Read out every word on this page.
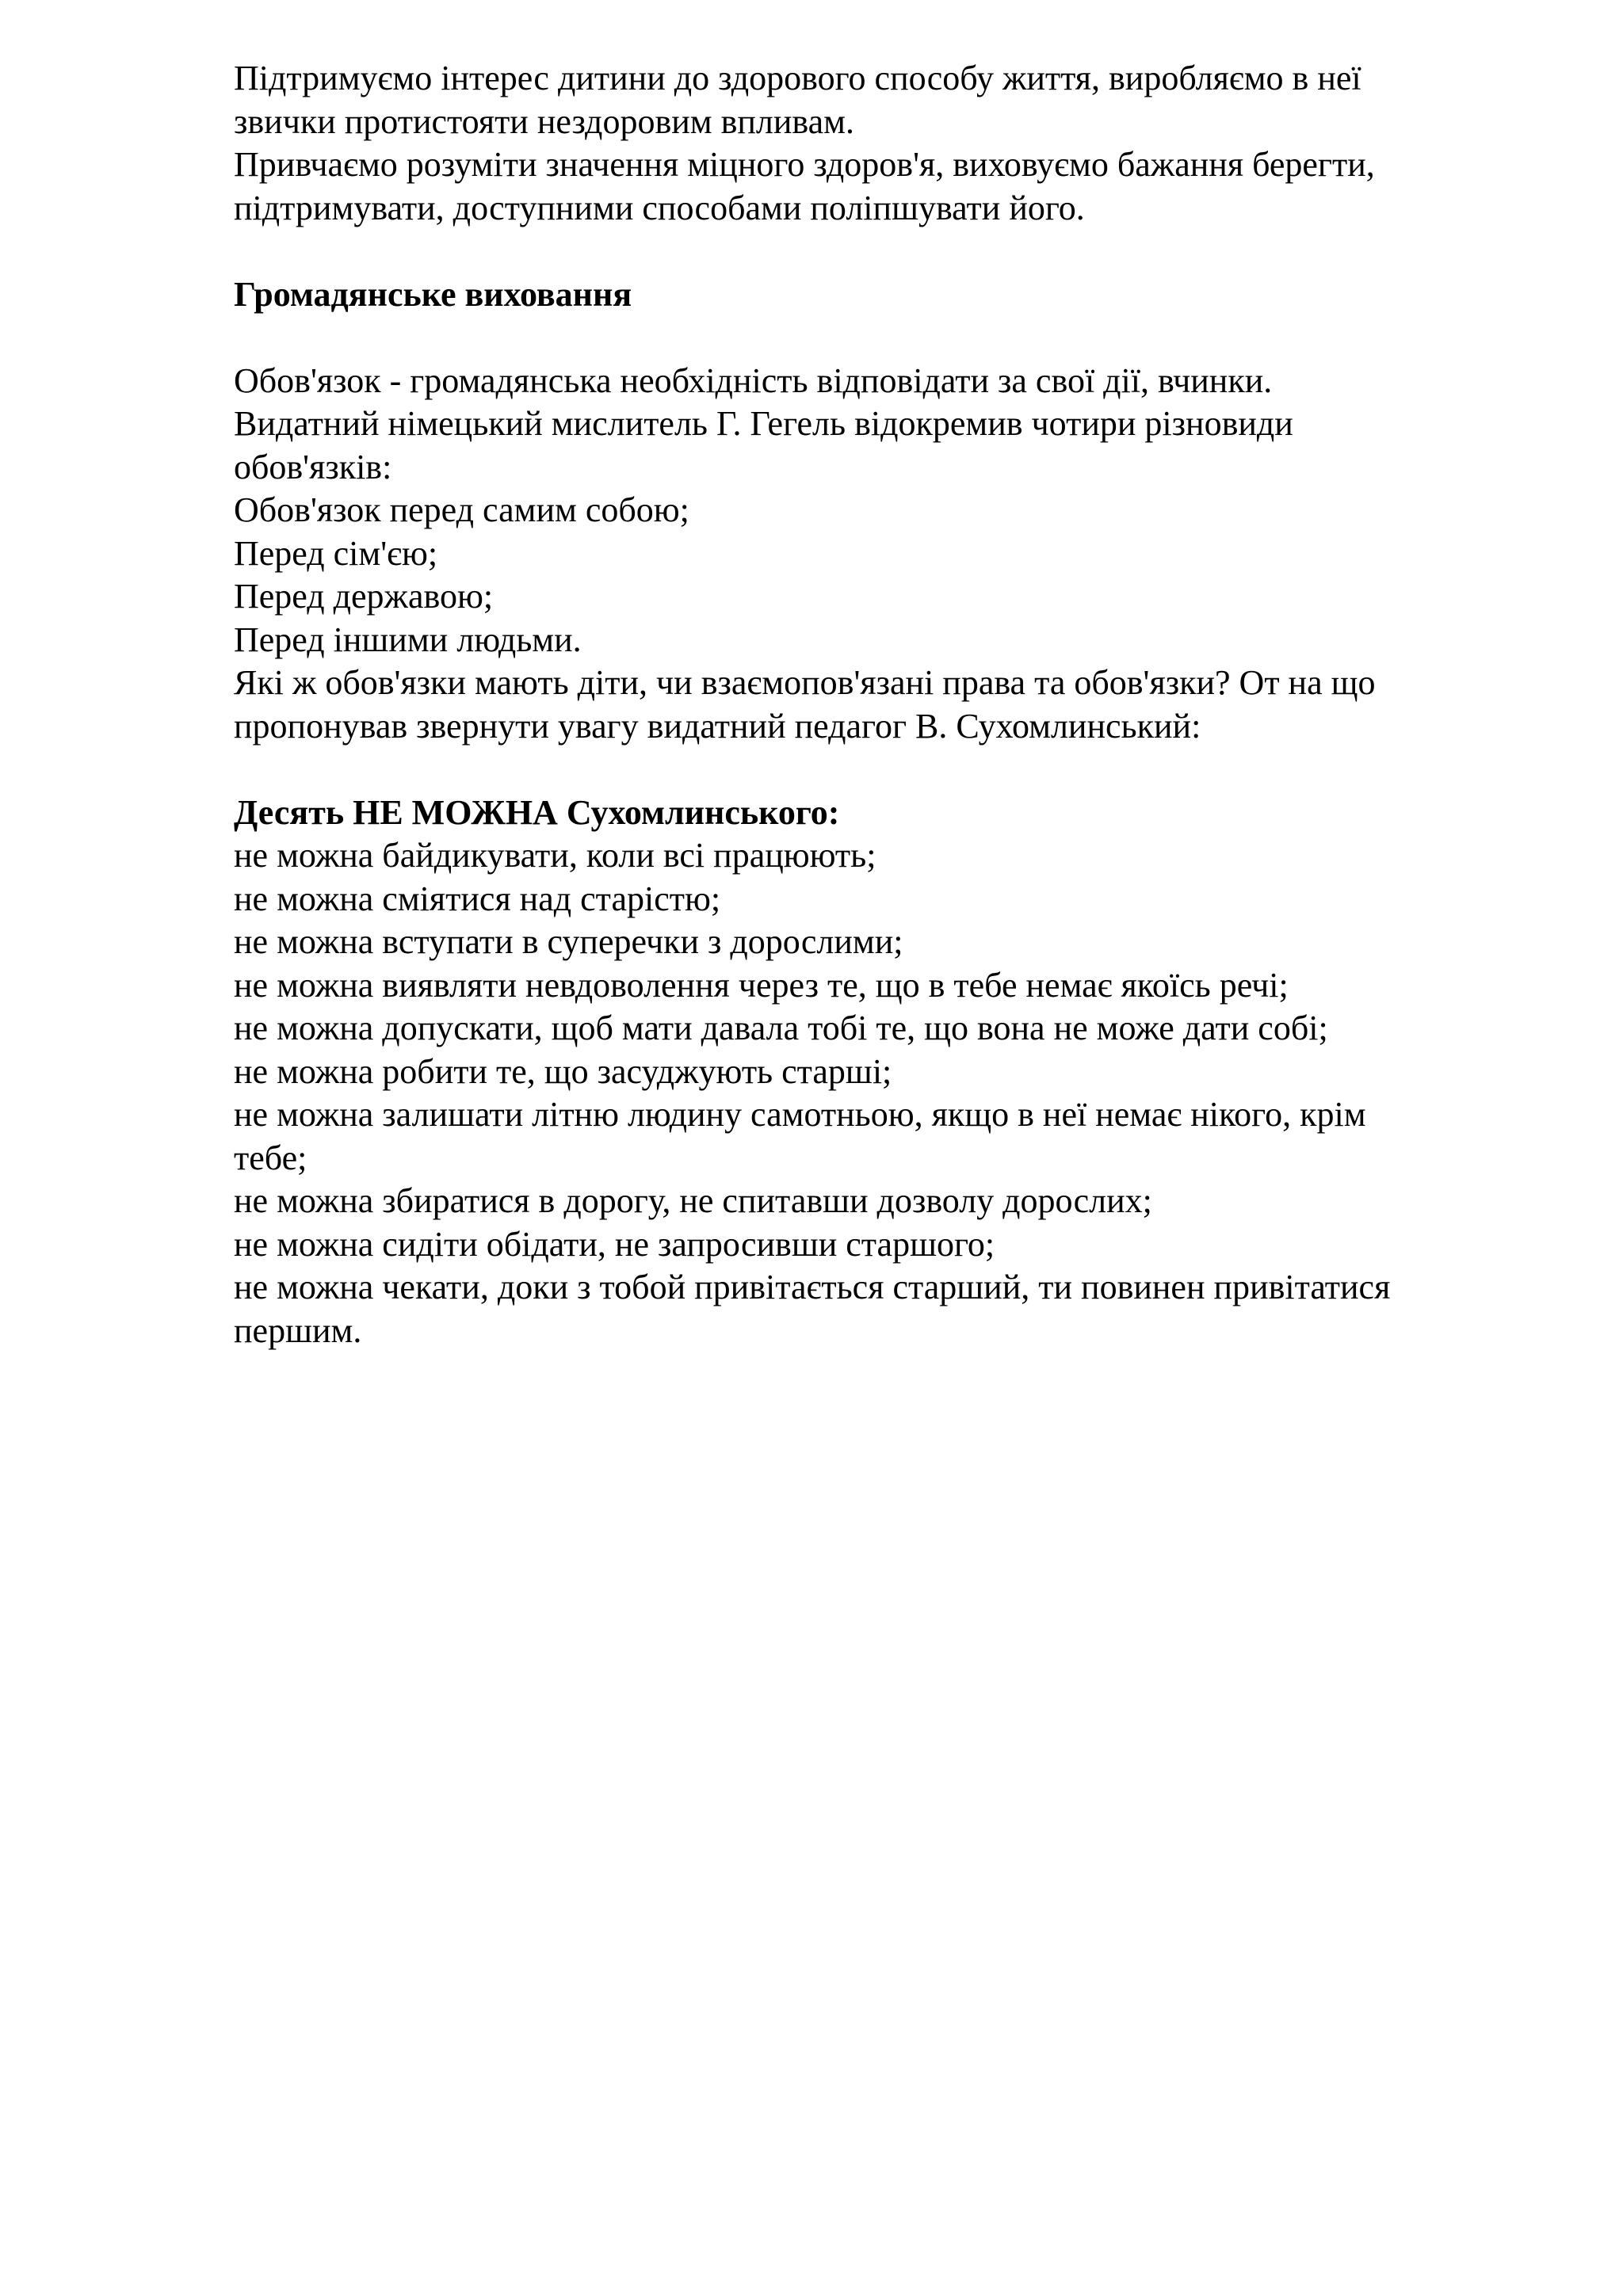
Підтримуємо інтерес дитини до здорового способу життя, виробляємо в неї
звички протистояти нездоровим впливам.
Привчаємо розуміти значення міцного здоров'я, виховуємо бажання берегти,
підтримувати, доступними способами поліпшувати його.
Громадянське виховання
Обов'язок - громадянська необхідність відповідати за свої дії, вчинки.
Видатний німецький мислитель Г. Гегель відокремив чотири різновиди
обов'язків:
Обов'язок перед самим собою;
Перед сім'єю;
Перед державою;
Перед іншими людьми.
Які ж обов'язки мають діти, чи взаємопов'язані права та обов'язки? От на що
пропонував звернути увагу видатний педагог В. Сухомлинський:
Десять НЕ МОЖНА Сухомлинського:
не можна байдикувати, коли всі працюють;
не можна сміятися над старістю;
не можна вступати в суперечки з дорослими;
не можна виявляти невдоволення через те, що в тебе немає якоїсь речі;
не можна допускати, щоб мати давала тобі те, що вона не може дати собі;
не можна робити те, що засуджують старші;
не можна залишати літню людину самотньою, якщо в неї немає нікого, крім
тебе;
не можна збиратися в дорогу, не спитавши дозволу дорослих;
не можна сидіти обідати, не запросивши старшого;
не можна чекати, доки з тобой привітається старший, ти повинен привітатися
першим.
